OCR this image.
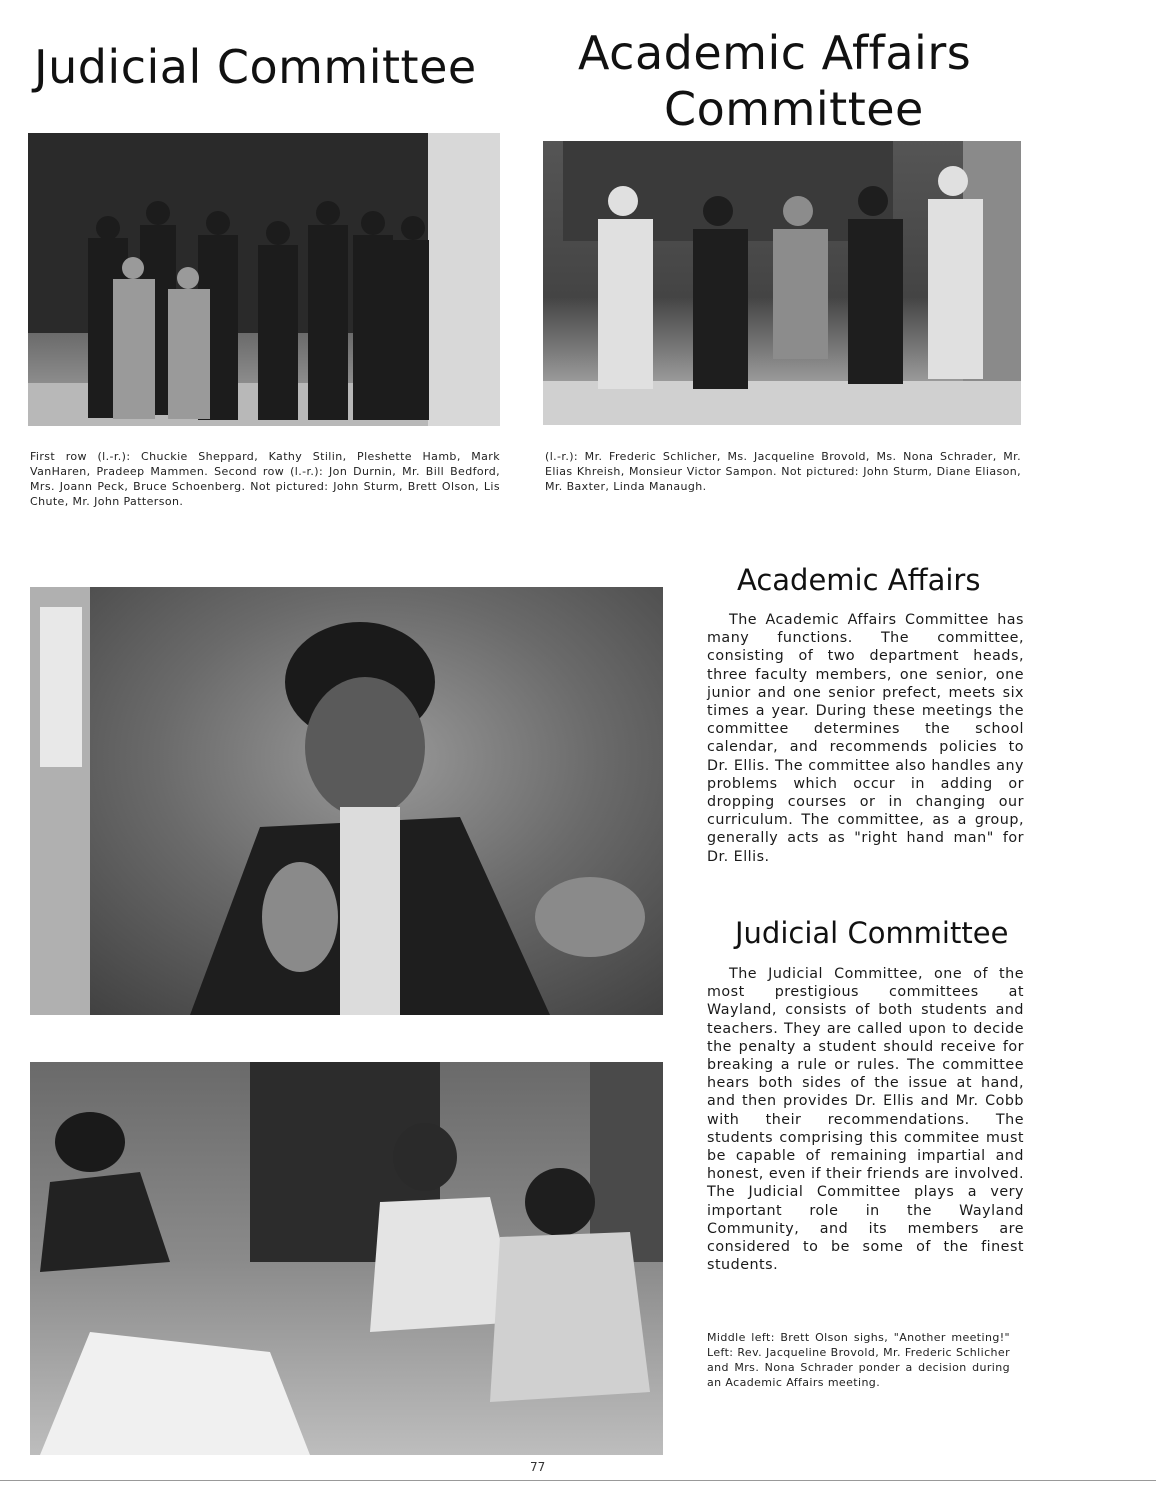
Judicial Committee Academic Affairs
Committee

First row (l.-r.): Chuckie Sheppard, Kathy Stilin, Pleshette Hamb, Mark VanHaren, Pradeep Mammen. Second row (l.-r.): Jon Durnin, Mr. Bill Bedford, Mrs. Joann Peck, Bruce Schoenberg. Not pictured: John Sturm, Brett Olson, Lis Chute, Mr. John Patterson.

(l.-r.): Mr. Frederic Schlicher, Ms. Jacqueline Brovold, Ms. Nona Schrader, Mr. Elias Khreish, Monsieur Victor Sampon. Not pictured: John Sturm, Diane Eliason, Mr. Baxter, Linda Manaugh.

Academic Affairs

The Academic Affairs Committee has many functions. The committee, consisting of two department heads, three faculty members, one senior, one junior and one senior prefect, meets six times a year. During these meetings the committee determines the school calendar, and recommends policies to Dr. Ellis. The committee also handles any problems which occur in adding or dropping courses or in changing our curriculum. The committee, as a group, generally acts as "right hand man" for Dr. Ellis.

Judicial Committee

The Judicial Committee, one of the most prestigious committees at Wayland, consists of both students and teachers. They are called upon to decide the penalty a student should receive for breaking a rule or rules. The committee hears both sides of the issue at hand, and then provides Dr. Ellis and Mr. Cobb with their recommendations. The students comprising this commitee must be capable of remaining impartial and honest, even if their friends are involved. The Judicial Committee plays a very important role in the Wayland Community, and its members are considered to be some of the finest students.

Middle left: Brett Olson sighs, "Another meeting!" Left: Rev. Jacqueline Brovold, Mr. Frederic Schlicher and Mrs. Nona Schrader ponder a decision during an Academic Affairs meeting.

77
